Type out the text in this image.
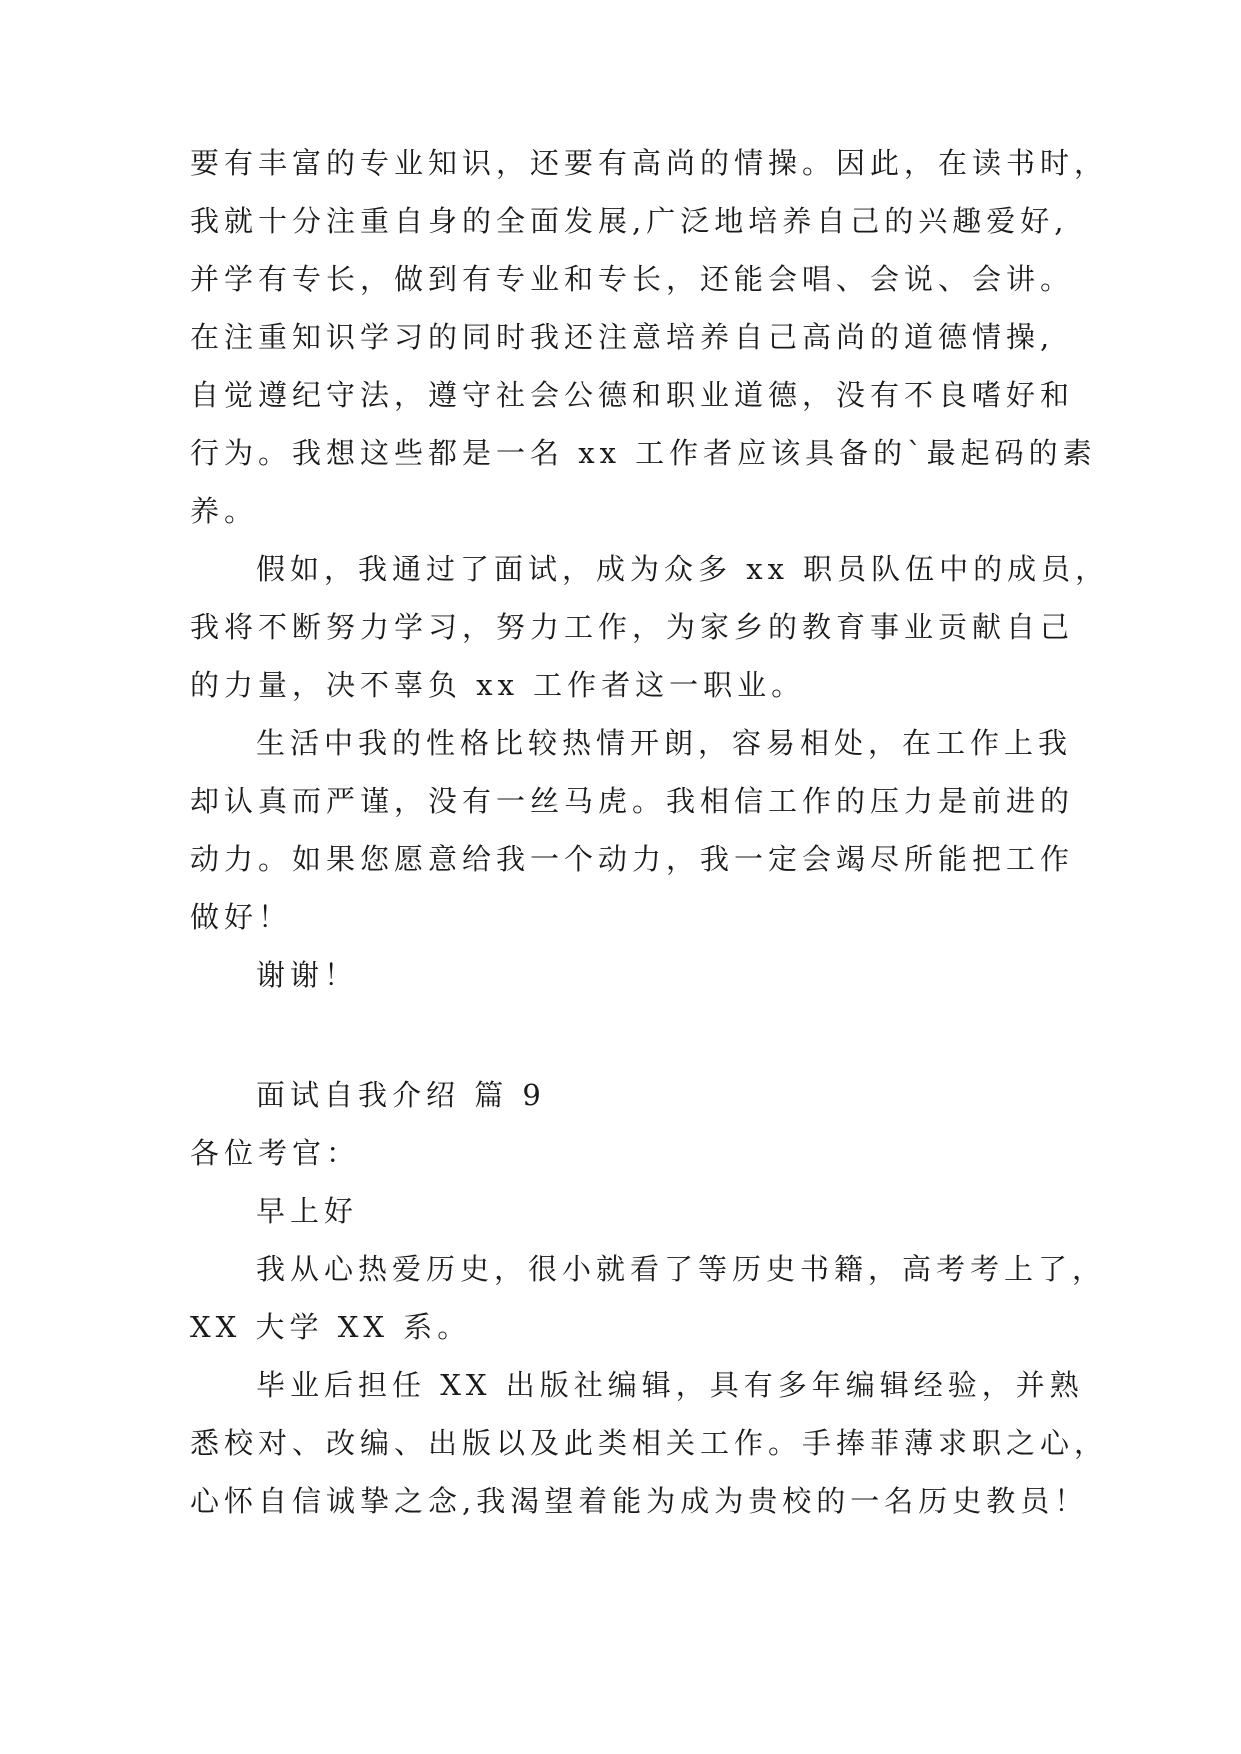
要有丰富的专业知识，还要有高尚的情操。因此，在读书时，
我就十分注重自身的全面发展,广泛地培养自己的兴趣爱好,
并学有专长，做到有专业和专长，还能会唱、会说、会讲。
在注重知识学习的同时我还注意培养自己高尚的道德情操,
自觉遵纪守法，遵守社会公德和职业道德，没有不良嗜好和
行为。我想这些都是一名 xx 工作者应该具备的`最起码的素
养。
假如，我通过了面试，成为众多 xx 职员队伍中的成员，
我将不断努力学习，努力工作，为家乡的教育事业贡献自己
的力量，决不辜负 xx 工作者这一职业。
生活中我的性格比较热情开朗，容易相处，在工作上我
却认真而严谨，没有一丝马虎。我相信工作的压力是前进的
动力。如果您愿意给我一个动力，我一定会竭尽所能把工作
做好！
谢谢！
面试自我介绍 篇 9
各位考官：
早上好
我从心热爱历史，很小就看了等历史书籍，高考考上了，
XX 大学 XX 系。
毕业后担任 XX 出版社编辑，具有多年编辑经验，并熟
悉校对、改编、出版以及此类相关工作。手捧菲薄求职之心，
心怀自信诚挚之念,我渴望着能为成为贵校的一名历史教员！
